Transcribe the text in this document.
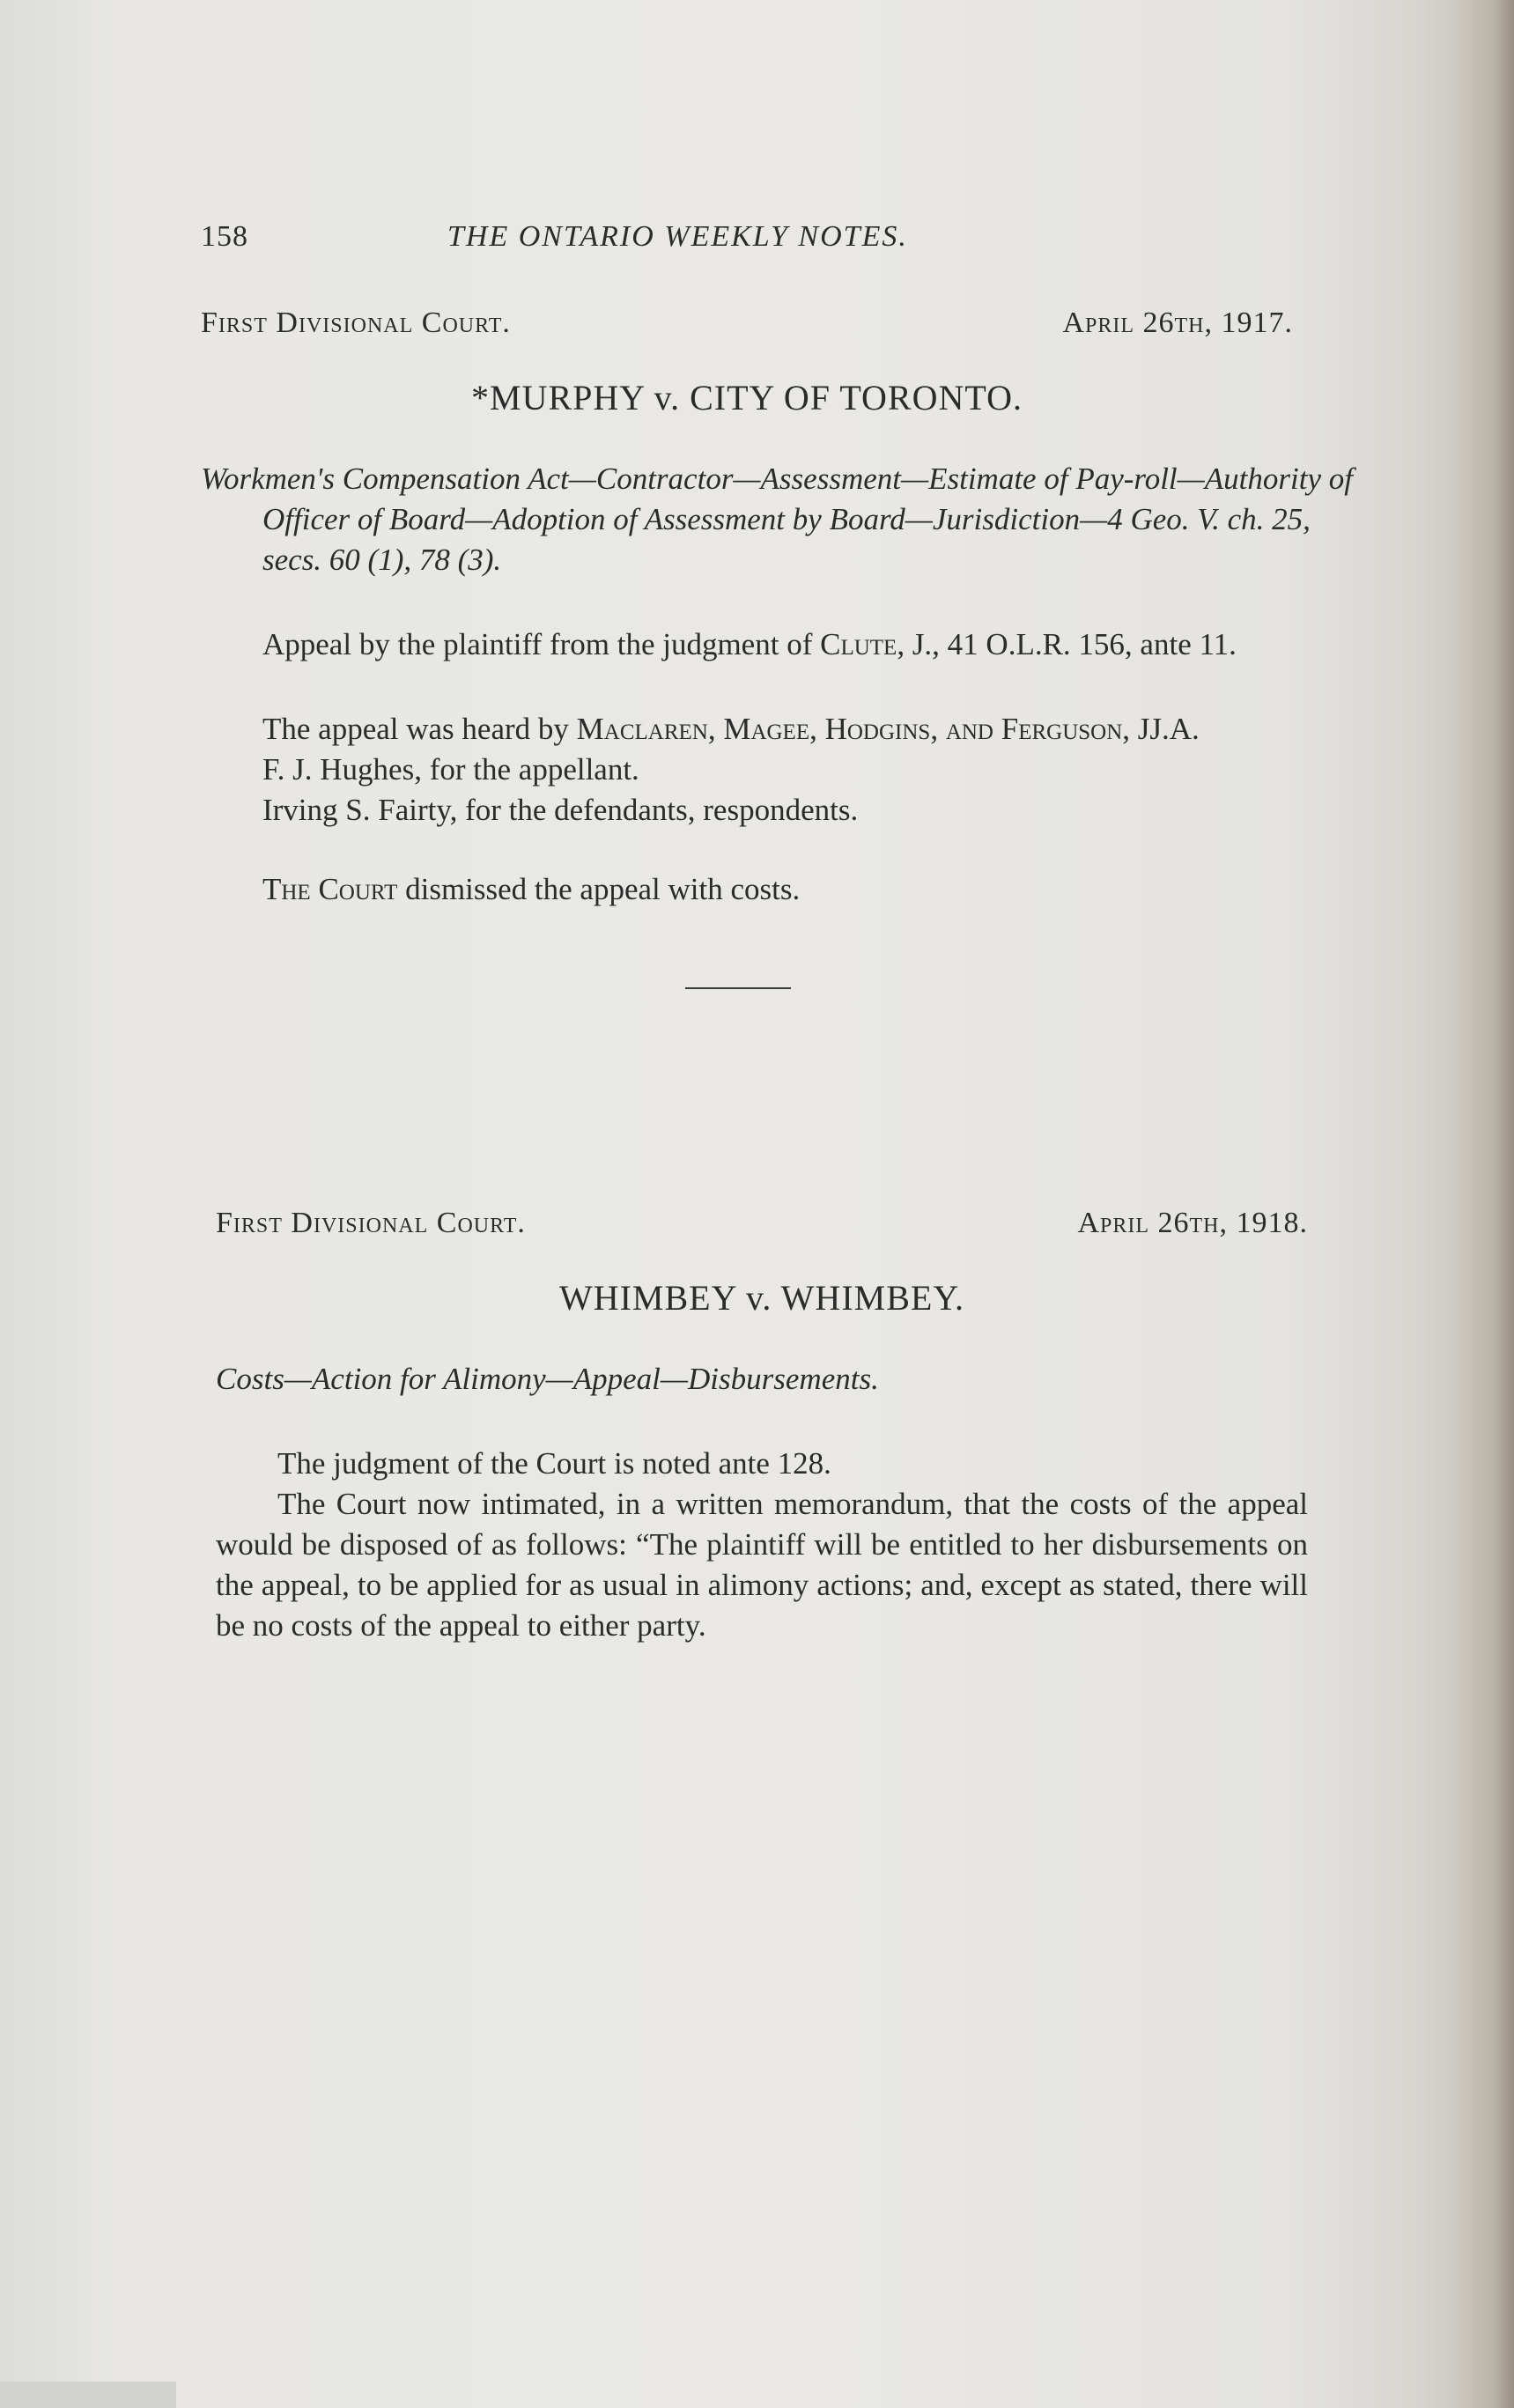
158	THE ONTARIO WEEKLY NOTES.
First Divisional Court.	April 26th, 1917.
*MURPHY v. CITY OF TORONTO.
Workmen's Compensation Act—Contractor—Assessment—Estimate of Pay-roll—Authority of Officer of Board—Adoption of Assessment by Board—Jurisdiction—4 Geo. V. ch. 25, secs. 60 (1), 78 (3).

Appeal by the plaintiff from the judgment of Clute, J., 41 O.L.R. 156, ante 11.

The appeal was heard by Maclaren, Magee, Hodgins, and Ferguson, JJ.A.

F. J. Hughes, for the appellant.

Irving S. Fairty, for the defendants, respondents.

The Court dismissed the appeal with costs.

First Divisional Court.	April 26th, 1918.
WHIMBEY v. WHIMBEY.
Costs—Action for Alimony—Appeal—Disbursements.

The judgment of the Court is noted ante 128.

The Court now intimated, in a written memorandum, that the costs of the appeal would be disposed of as follows: “The plaintiff will be entitled to her disbursements on the appeal, to be applied for as usual in alimony actions; and, except as stated, there will be no costs of the appeal to either party.
